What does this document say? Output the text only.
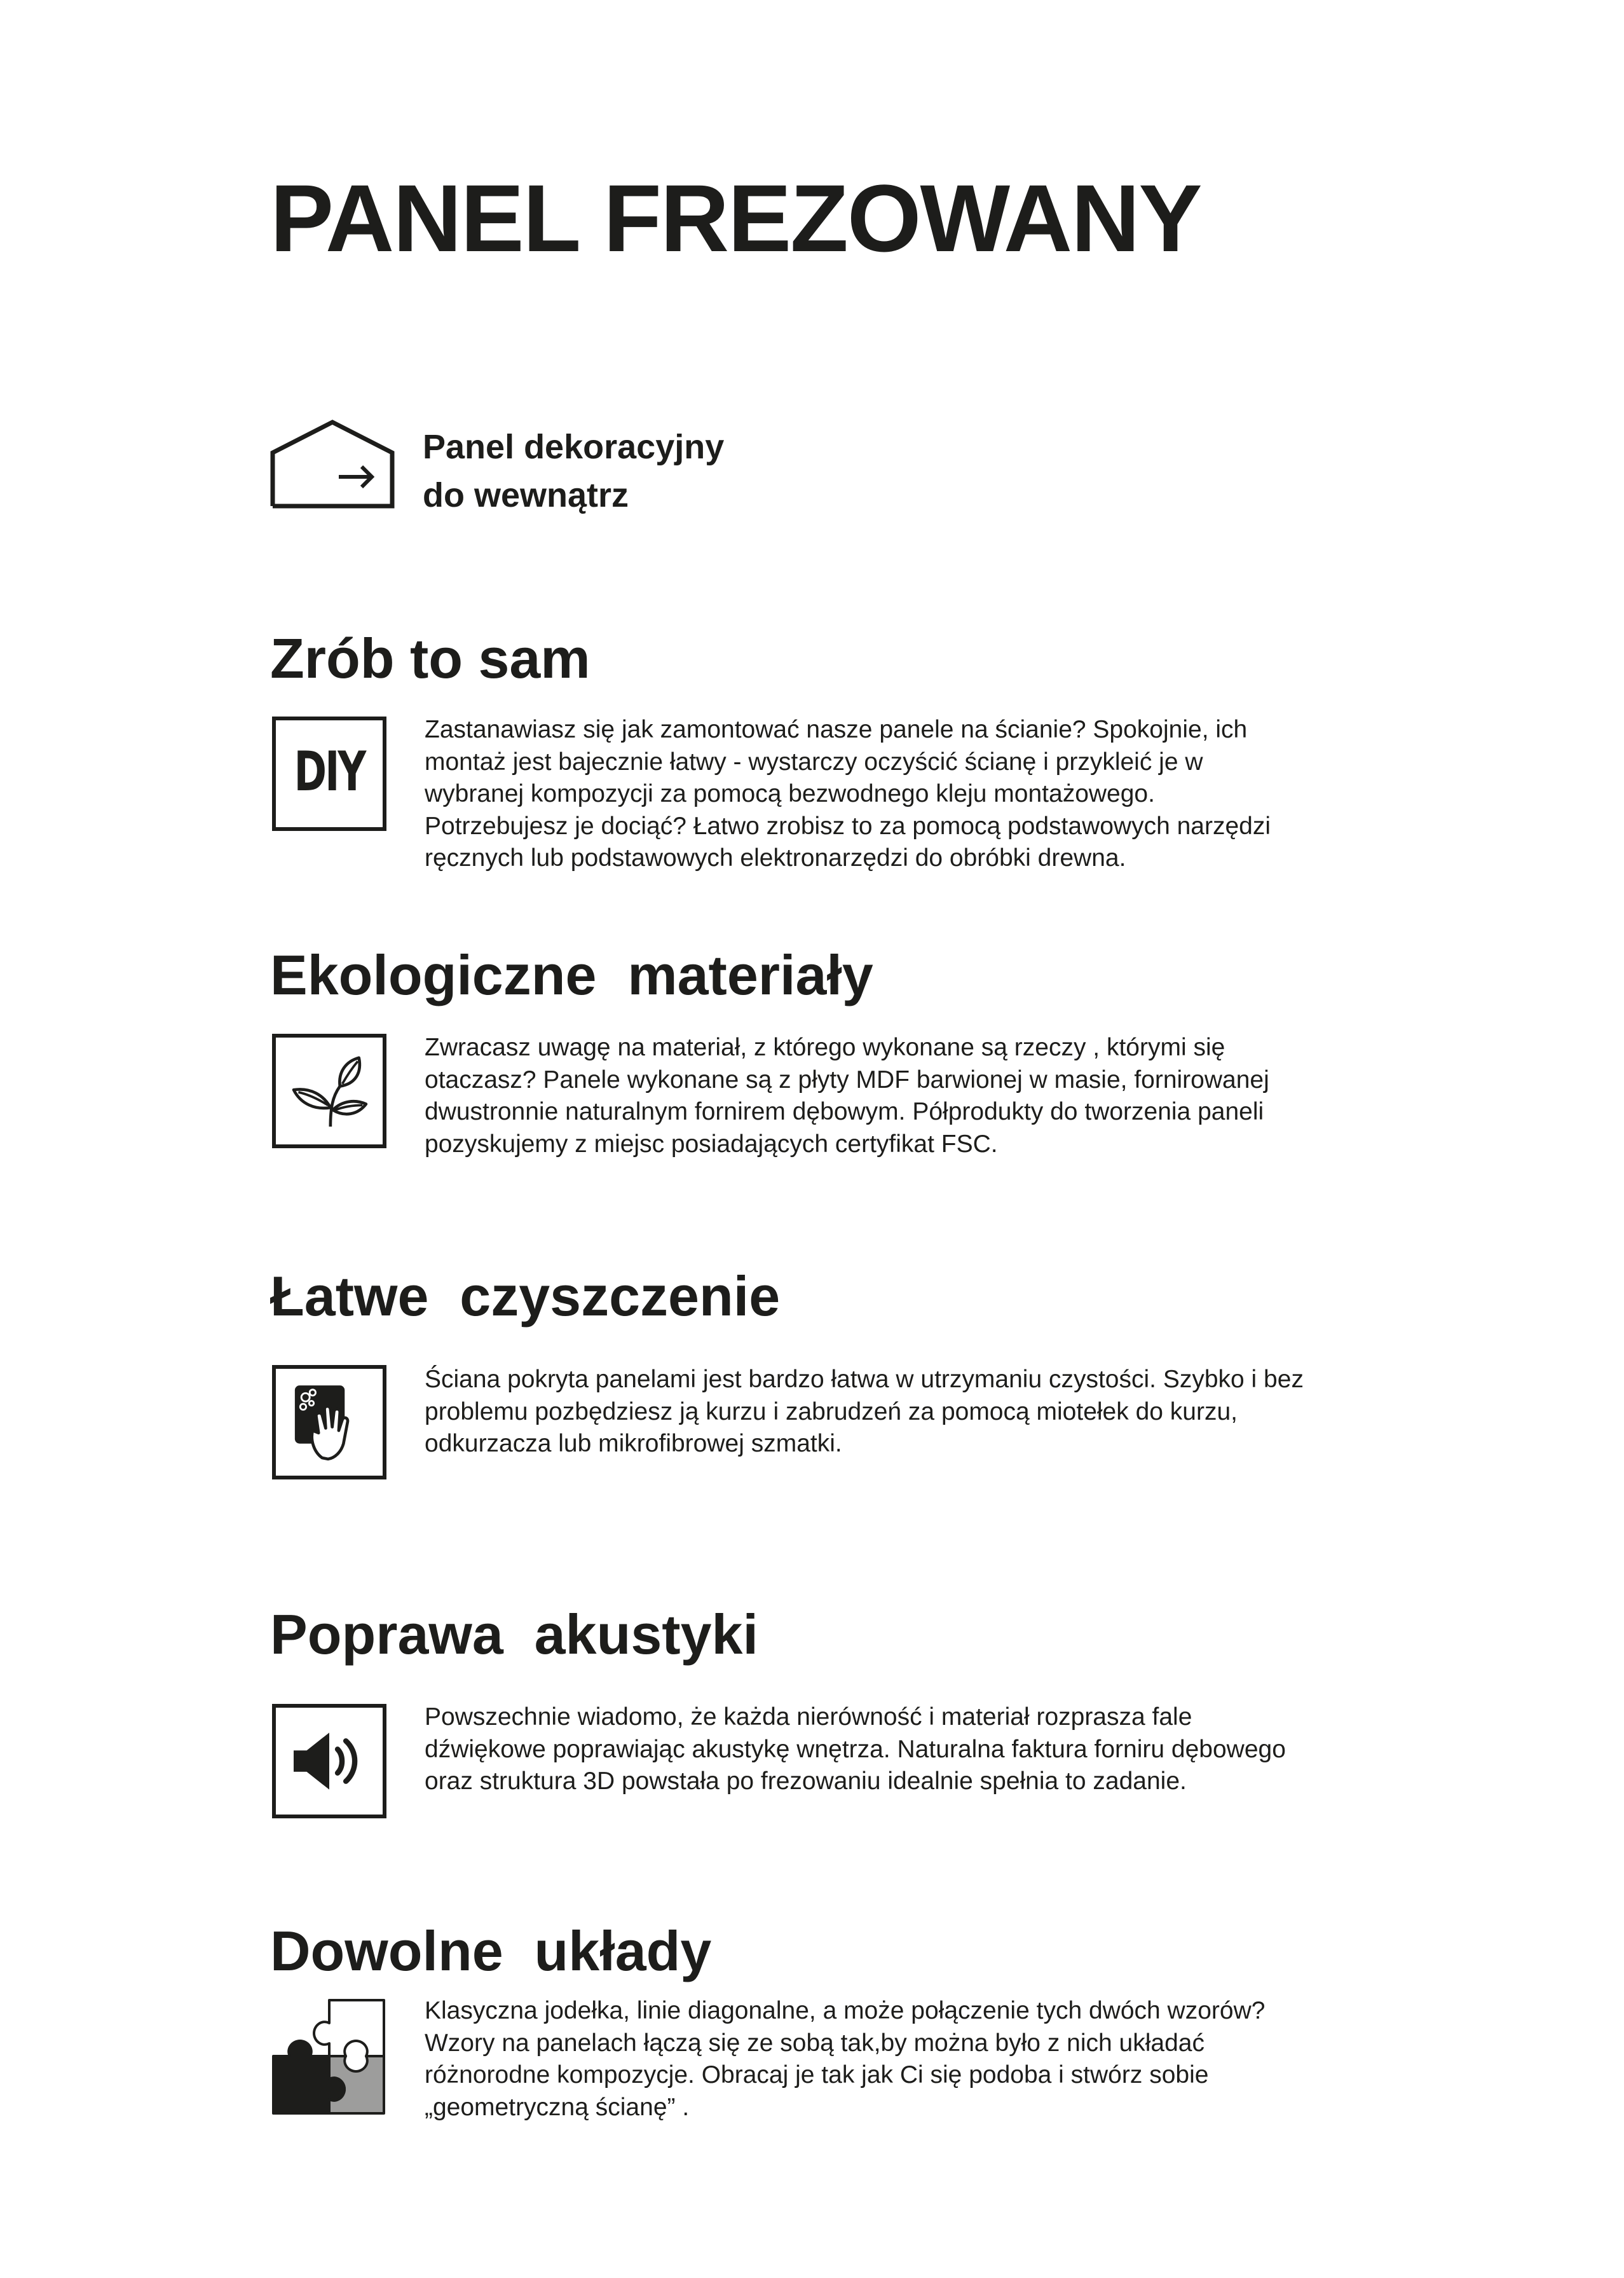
PANEL FREZOWANY
Panel dekoracyjny
do wewnątrz
Zrób to sam
DIY
Zastanawiasz się jak zamontować nasze panele na ścianie? Spokojnie, ich
montaż jest bajecznie łatwy - wystarczy oczyścić ścianę i przykleić je w
wybranej kompozycji za pomocą bezwodnego kleju montażowego.
Potrzebujesz je dociąć? Łatwo zrobisz to za pomocą podstawowych narzędzi
ręcznych lub podstawowych elektronarzędzi do obróbki drewna.
Ekologiczne  materiały
Zwracasz uwagę na materiał, z którego wykonane są rzeczy , którymi się
otaczasz? Panele wykonane są z płyty MDF barwionej w masie, fornirowanej
dwustronnie naturalnym fornirem dębowym. Półprodukty do tworzenia paneli
pozyskujemy z miejsc posiadających certyfikat FSC.
Łatwe  czyszczenie
Ściana pokryta panelami jest bardzo łatwa w utrzymaniu czystości. Szybko i bez
problemu pozbędziesz ją kurzu i zabrudzeń za pomocą miotełek do kurzu,
odkurzacza lub mikrofibrowej szmatki.
Poprawa  akustyki
Powszechnie wiadomo, że każda nierówność i materiał rozprasza fale
dźwiękowe poprawiając akustykę wnętrza. Naturalna faktura forniru dębowego
oraz struktura 3D powstała po frezowaniu idealnie spełnia to zadanie.
Dowolne  układy
Klasyczna jodełka, linie diagonalne, a może połączenie tych dwóch wzorów?
Wzory na panelach łączą się ze sobą tak,by można było z nich układać
różnorodne kompozycje. Obracaj je tak jak Ci się podoba i stwórz sobie
„geometryczną ścianę” .
